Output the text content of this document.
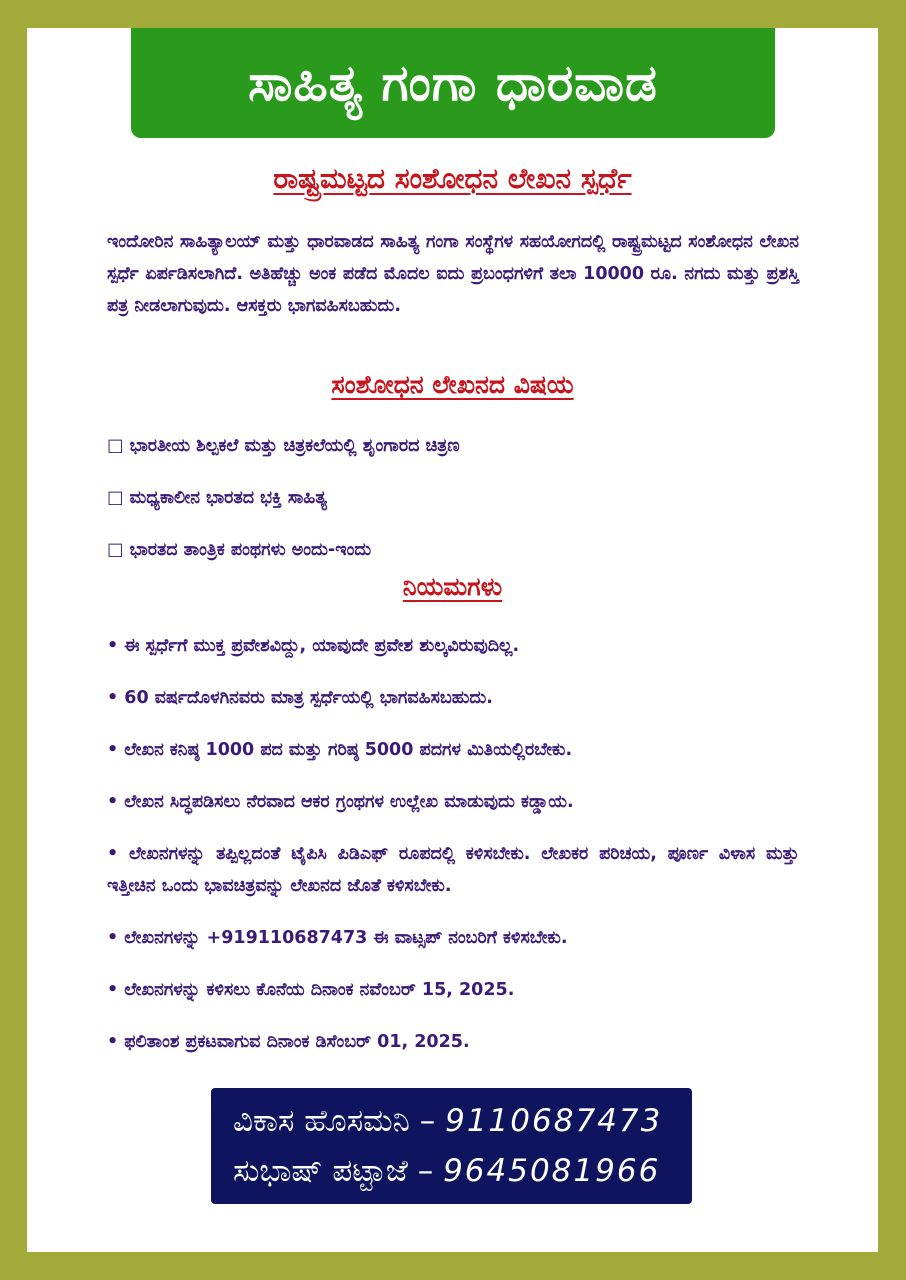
ಸಾಹಿತ್ಯ ಗಂಗಾ ಧಾರವಾಡ
ರಾಷ್ಟ್ರಮಟ್ಟದ ಸಂಶೋಧನ ಲೇಖನ ಸ್ಪರ್ಧೆ
ಇಂದೋರಿನ ಸಾಹಿತ್ಯಾಲಯ್ ಮತ್ತು ಧಾರವಾಡದ ಸಾಹಿತ್ಯ ಗಂಗಾ ಸಂಸ್ಥೆಗಳ ಸಹಯೋಗದಲ್ಲಿ ರಾಷ್ಟ್ರಮಟ್ಟದ ಸಂಶೋಧನ ಲೇಖನ ಸ್ಪರ್ಧೆ ಏರ್ಪಡಿಸಲಾಗಿದೆ. ಅತಿಹೆಚ್ಚು ಅಂಕ ಪಡೆದ ಮೊದಲ ಐದು ಪ್ರಬಂಧಗಳಿಗೆ ತಲಾ 10000 ರೂ. ನಗದು ಮತ್ತು ಪ್ರಶಸ್ತಿ ಪತ್ರ ನೀಡಲಾಗುವುದು. ಆಸಕ್ತರು ಭಾಗವಹಿಸಬಹುದು.
ಸಂಶೋಧನ ಲೇಖನದ ವಿಷಯ
□ ಭಾರತೀಯ ಶಿಲ್ಪಕಲೆ ಮತ್ತು ಚಿತ್ರಕಲೆಯಲ್ಲಿ ಶೃಂಗಾರದ ಚಿತ್ರಣ
□ ಮಧ್ಯಕಾಲೀನ ಭಾರತದ ಭಕ್ತಿ ಸಾಹಿತ್ಯ
□ ಭಾರತದ ತಾಂತ್ರಿಕ ಪಂಥಗಳು ಅಂದು-ಇಂದು
ನಿಯಮಗಳು
• ಈ ಸ್ಪರ್ಧೆಗೆ ಮುಕ್ತ ಪ್ರವೇಶವಿದ್ದು, ಯಾವುದೇ ಪ್ರವೇಶ ಶುಲ್ಕವಿರುವುದಿಲ್ಲ.
• 60 ವರ್ಷದೊಳಗಿನವರು ಮಾತ್ರ ಸ್ಪರ್ಧೆಯಲ್ಲಿ ಭಾಗವಹಿಸಬಹುದು.
• ಲೇಖನ ಕನಿಷ್ಠ 1000 ಪದ ಮತ್ತು ಗರಿಷ್ಠ 5000 ಪದಗಳ ಮಿತಿಯಲ್ಲಿರಬೇಕು.
• ಲೇಖನ ಸಿದ್ಧಪಡಿಸಲು ನೆರವಾದ ಆಕರ ಗ್ರಂಥಗಳ ಉಲ್ಲೇಖ ಮಾಡುವುದು ಕಡ್ಡಾಯ.
• ಲೇಖನಗಳನ್ನು ತಪ್ಪಿಲ್ಲದಂತೆ ಟೈಪಿಸಿ ಪಿಡಿಎಫ್ ರೂಪದಲ್ಲಿ ಕಳಿಸಬೇಕು. ಲೇಖಕರ ಪರಿಚಯ, ಪೂರ್ಣ ವಿಳಾಸ ಮತ್ತು ಇತ್ತೀಚಿನ ಒಂದು ಭಾವಚಿತ್ರವನ್ನು ಲೇಖನದ ಜೊತೆ ಕಳಿಸಬೇಕು.
• ಲೇಖನಗಳನ್ನು +919110687473 ಈ ವಾಟ್ಸಪ್ ನಂಬರಿಗೆ ಕಳಿಸಬೇಕು.
• ಲೇಖನಗಳನ್ನು ಕಳಿಸಲು ಕೊನೆಯ ದಿನಾಂಕ ನವೆಂಬರ್ 15, 2025.
• ಫಲಿತಾಂಶ ಪ್ರಕಟವಾಗುವ ದಿನಾಂಕ ಡಿಸೆಂಬರ್ 01, 2025.
ವಿಕಾಸ ಹೊಸಮನಿ – 9110687473
ಸುಭಾಷ್ ಪಟ್ಟಾಜೆ – 9645081966
